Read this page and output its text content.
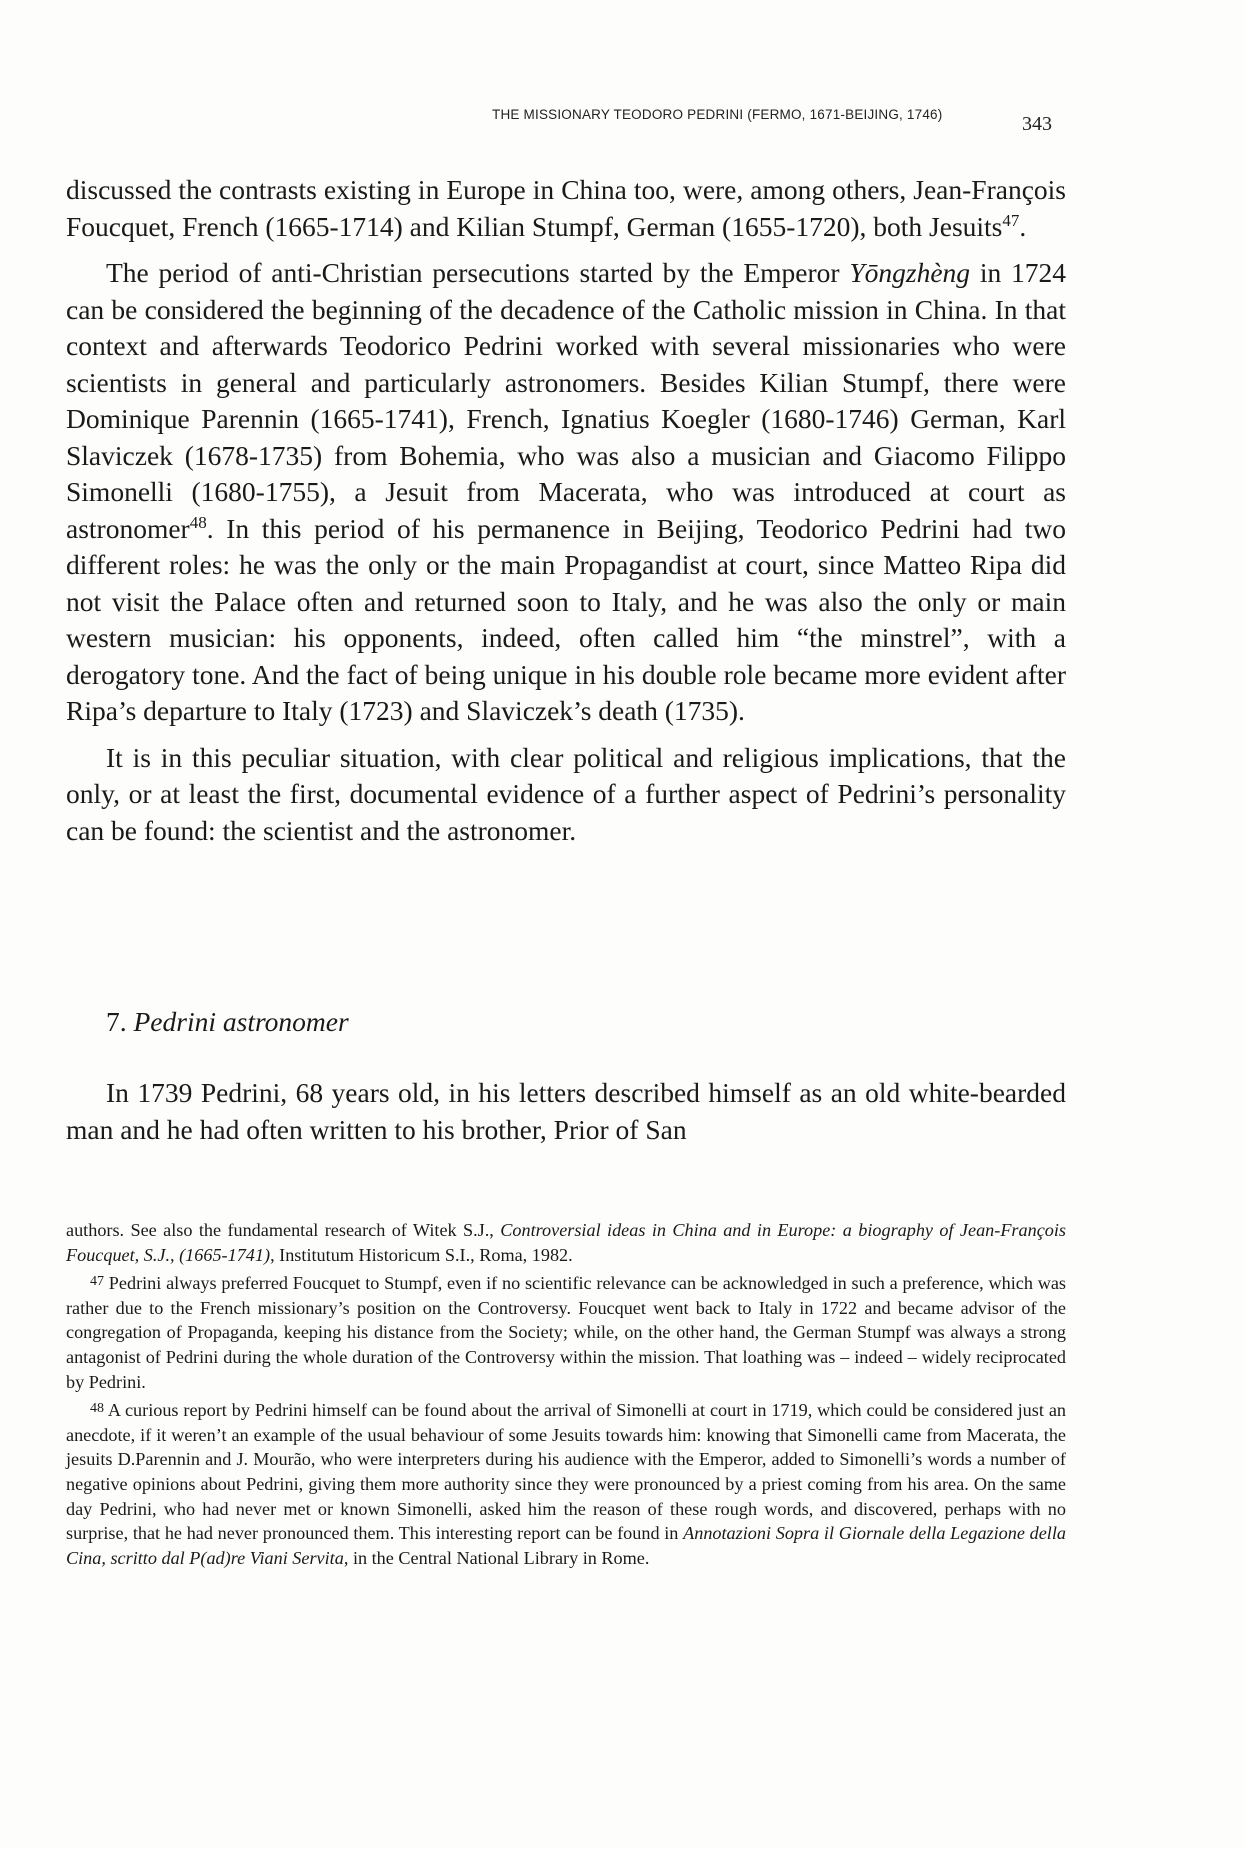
THE MISSIONARY TEODORO PEDRINI (FERMO, 1671-BEIJING, 1746)	343

discussed the contrasts existing in Europe in China too, were, among others, Jean-François Foucquet, French (1665-1714) and Kilian Stumpf, German (1655-1720), both Jesuits$^{47}$.

The period of anti-Christian persecutions started by the Emperor Yōngzhèng in 1724 can be considered the beginning of the decadence of the Catholic mission in China. In that context and afterwards Teodorico Pedrini worked with several missionaries who were scientists in general and particularly astronomers. Besides Kilian Stumpf, there were Dominique Parennin (1665-1741), French, Ignatius Koegler (1680-1746) German, Karl Slaviczek (1678-1735) from Bohemia, who was also a musician and Giacomo Filippo Simonelli (1680-1755), a Jesuit from Macerata, who was introduced at court as astronomer$^{48}$. In this period of his permanence in Beijing, Teodorico Pedrini had two different roles: he was the only or the main Propagandist at court, since Matteo Ripa did not visit the Palace often and returned soon to Italy, and he was also the only or main western musician: his opponents, indeed, often called him “the minstrel”, with a derogatory tone. And the fact of being unique in his double role became more evident after Ripa’s departure to Italy (1723) and Slaviczek’s death (1735).

It is in this peculiar situation, with clear political and religious implications, that the only, or at least the first, documental evidence of a further aspect of Pedrini’s personality can be found: the scientist and the astronomer.

7. Pedrini astronomer

In 1739 Pedrini, 68 years old, in his letters described himself as an old white-bearded man and he had often written to his brother, Prior of San

authors. See also the fundamental research of Witek S.J., Controversial ideas in China and in Europe: a biography of Jean-François Foucquet, S.J., (1665-1741), Institutum Historicum S.I., Roma, 1982.

$^{47}$ Pedrini always preferred Foucquet to Stumpf, even if no scientific relevance can be acknowledged in such a preference, which was rather due to the French missionary’s position on the Controversy. Foucquet went back to Italy in 1722 and became advisor of the congregation of Propaganda, keeping his distance from the Society; while, on the other hand, the German Stumpf was always a strong antagonist of Pedrini during the whole duration of the Controversy within the mission. That loathing was – indeed – widely reciprocated by Pedrini.

$^{48}$ A curious report by Pedrini himself can be found about the arrival of Simonelli at court in 1719, which could be considered just an anecdote, if it weren’t an example of the usual behaviour of some Jesuits towards him: knowing that Simonelli came from Macerata, the jesuits D.Parennin and J. Mourão, who were interpreters during his audience with the Emperor, added to Simonelli’s words a number of negative opinions about Pedrini, giving them more authority since they were pronounced by a priest coming from his area. On the same day Pedrini, who had never met or known Simonelli, asked him the reason of these rough words, and discovered, perhaps with no surprise, that he had never pronounced them. This interesting report can be found in Annotazioni Sopra il Giornale della Legazione della Cina, scritto dal P(ad)re Viani Servita, in the Central National Library in Rome.
